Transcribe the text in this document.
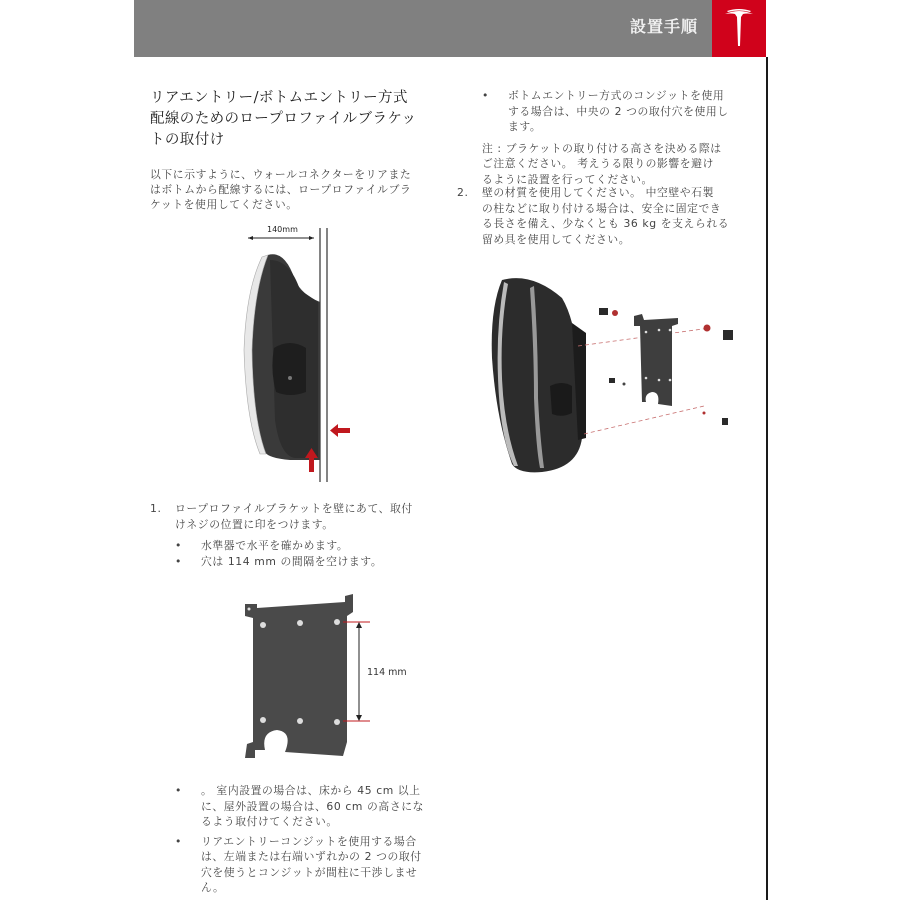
設置手順

リアエントリー/ボトムエントリー方式

配線のためのロープロファイルブラケッ

トの取付け

以下に示すように、ウォールコネクターをリアまた
はボトムから配線するには、ロープロファイルブラ
ケットを使用してください。
140mm
1. ロープロファイルブラケットを壁にあて、取付
けネジの位置に印をつけます。
• 水準器で水平を確かめます。
• 穴は 114 mm の間隔を空けます。
114 mm
• 。 室内設置の場合は、床から 45 cm 以上
に、屋外設置の場合は、60 cm の高さにな
るよう取付けてください。
• リアエントリーコンジットを使用する場合
は、左端または右端いずれかの 2 つの取付
穴を使うとコンジットが間柱に干渉しませ
ん。
• ボトムエントリー方式のコンジットを使用
する場合は、中央の 2 つの取付穴を使用し
ます。
注 : ブラケットの取り付ける高さを決める際は
ご注意ください。 考えうる限りの影響を避け
るように設置を行ってください。
2. 壁の材質を使用してください。 中空壁や石製
の柱などに取り付ける場合は、安全に固定でき
る長さを備え、少なくとも 36 kg を支えられる
留め具を使用してください。
